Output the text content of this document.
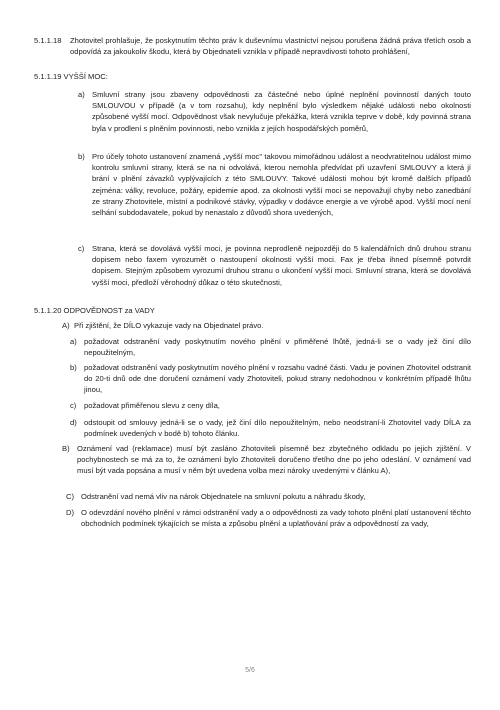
5.1.1.18 Zhotovitel prohlašuje, že poskytnutím těchto práv k duševnímu vlastnictví nejsou porušena žádná práva třetích osob a odpovídá za jakoukoliv škodu, která by Objednateli vznikla v případě nepravdivosti tohoto prohlášení,
5.1.1.19 VYŠŠÍ MOC:
a) Smluvní strany jsou zbaveny odpovědnosti za částečné nebo úplné neplnění povinností daných touto SMLOUVOU v případě (a v tom rozsahu), kdy neplnění bylo výsledkem nějaké události nebo okolnosti způsobené vyšší mocí. Odpovědnost však nevylučuje překážka, která vznikla teprve v době, kdy povinná strana byla v prodlení s plněním povinnosti, nebo vznikla z jejích hospodářských poměrů,
b) Pro účely tohoto ustanovení znamená „vyšší moc" takovou mimořádnou událost a neodvratitelnou událost mimo kontrolu smluvní strany, která se na ni odvolává, kterou nemohla předvídat při uzavření SMLOUVY a která jí brání v plnění závazků vyplývajících z této SMLOUVY. Takové události mohou být kromě dalších případů zejména: války, revoluce, požáry, epidemie apod. za okolnosti vyšší moci se nepovažují chyby nebo zanedbání ze strany Zhotovitele, místní a podnikové stávky, výpadky v dodávce energie a ve výrobě apod. Vyšší mocí není selhání subdodavatele, pokud by nenastalo z důvodů shora uvedených,
c) Strana, která se dovolává vyšší moci, je povinna neprodleně nejpozději do 5 kalendářních dnů druhou stranu dopisem nebo faxem vyrozumět o nastoupení okolnosti vyšší moci. Fax je třeba ihned písemně potvrdit dopisem. Stejným způsobem vyrozumí druhou stranu o ukončení vyšší moci. Smluvní strana, která se dovolává vyšší moci, předloží věrohodný důkaz o této skutečnosti,
5.1.1.20 ODPOVĚDNOST za VADY
A) Při zjištění, že DÍLO vykazuje vady na Objednatel právo.
a) požadovat odstranění vady poskytnutím nového plnění v přiměřené lhůtě, jedná-li se o vady jež činí dílo nepoužitelným,
b) požadovat odstranění vady poskytnutím nového plnění v rozsahu vadné části. Vadu je povinen Zhotovitel odstranit do 20-ti dnů ode dne doručení oznámení vady Zhotoviteli, pokud strany nedohodnou v konkrétním případě lhůtu jinou,
c) požadovat přiměřenou slevu z ceny díla,
d) odstoupit od smlouvy jedná-li se o vady, jež činí dílo nepoužitelným, nebo neodstraní-li Zhotovitel vady DÍLA za podmínek uvedených v bodě b) tohoto článku.
B) Oznámení vad (reklamace) musí být zasláno Zhotoviteli písemně bez zbytečného odkladu po jejich zjištění. V pochybnostech se má za to, že oznámení bylo Zhotoviteli doručeno třetího dne po jeho odeslání. V oznámení vad musí být vada popsána a musí v něm být uvedena volba mezi nároky uvedenými v článku A),
C) Odstranění vad nemá vliv na nárok Objednatele na smluvní pokutu a náhradu škody,
D) O odevzdání nového plnění v rámci odstranění vady a o odpovědnosti za vady tohoto plnění platí ustanovení těchto obchodních podmínek týkajících se místa a způsobu plnění a uplatňování práv a odpovědností za vady,
5/6
